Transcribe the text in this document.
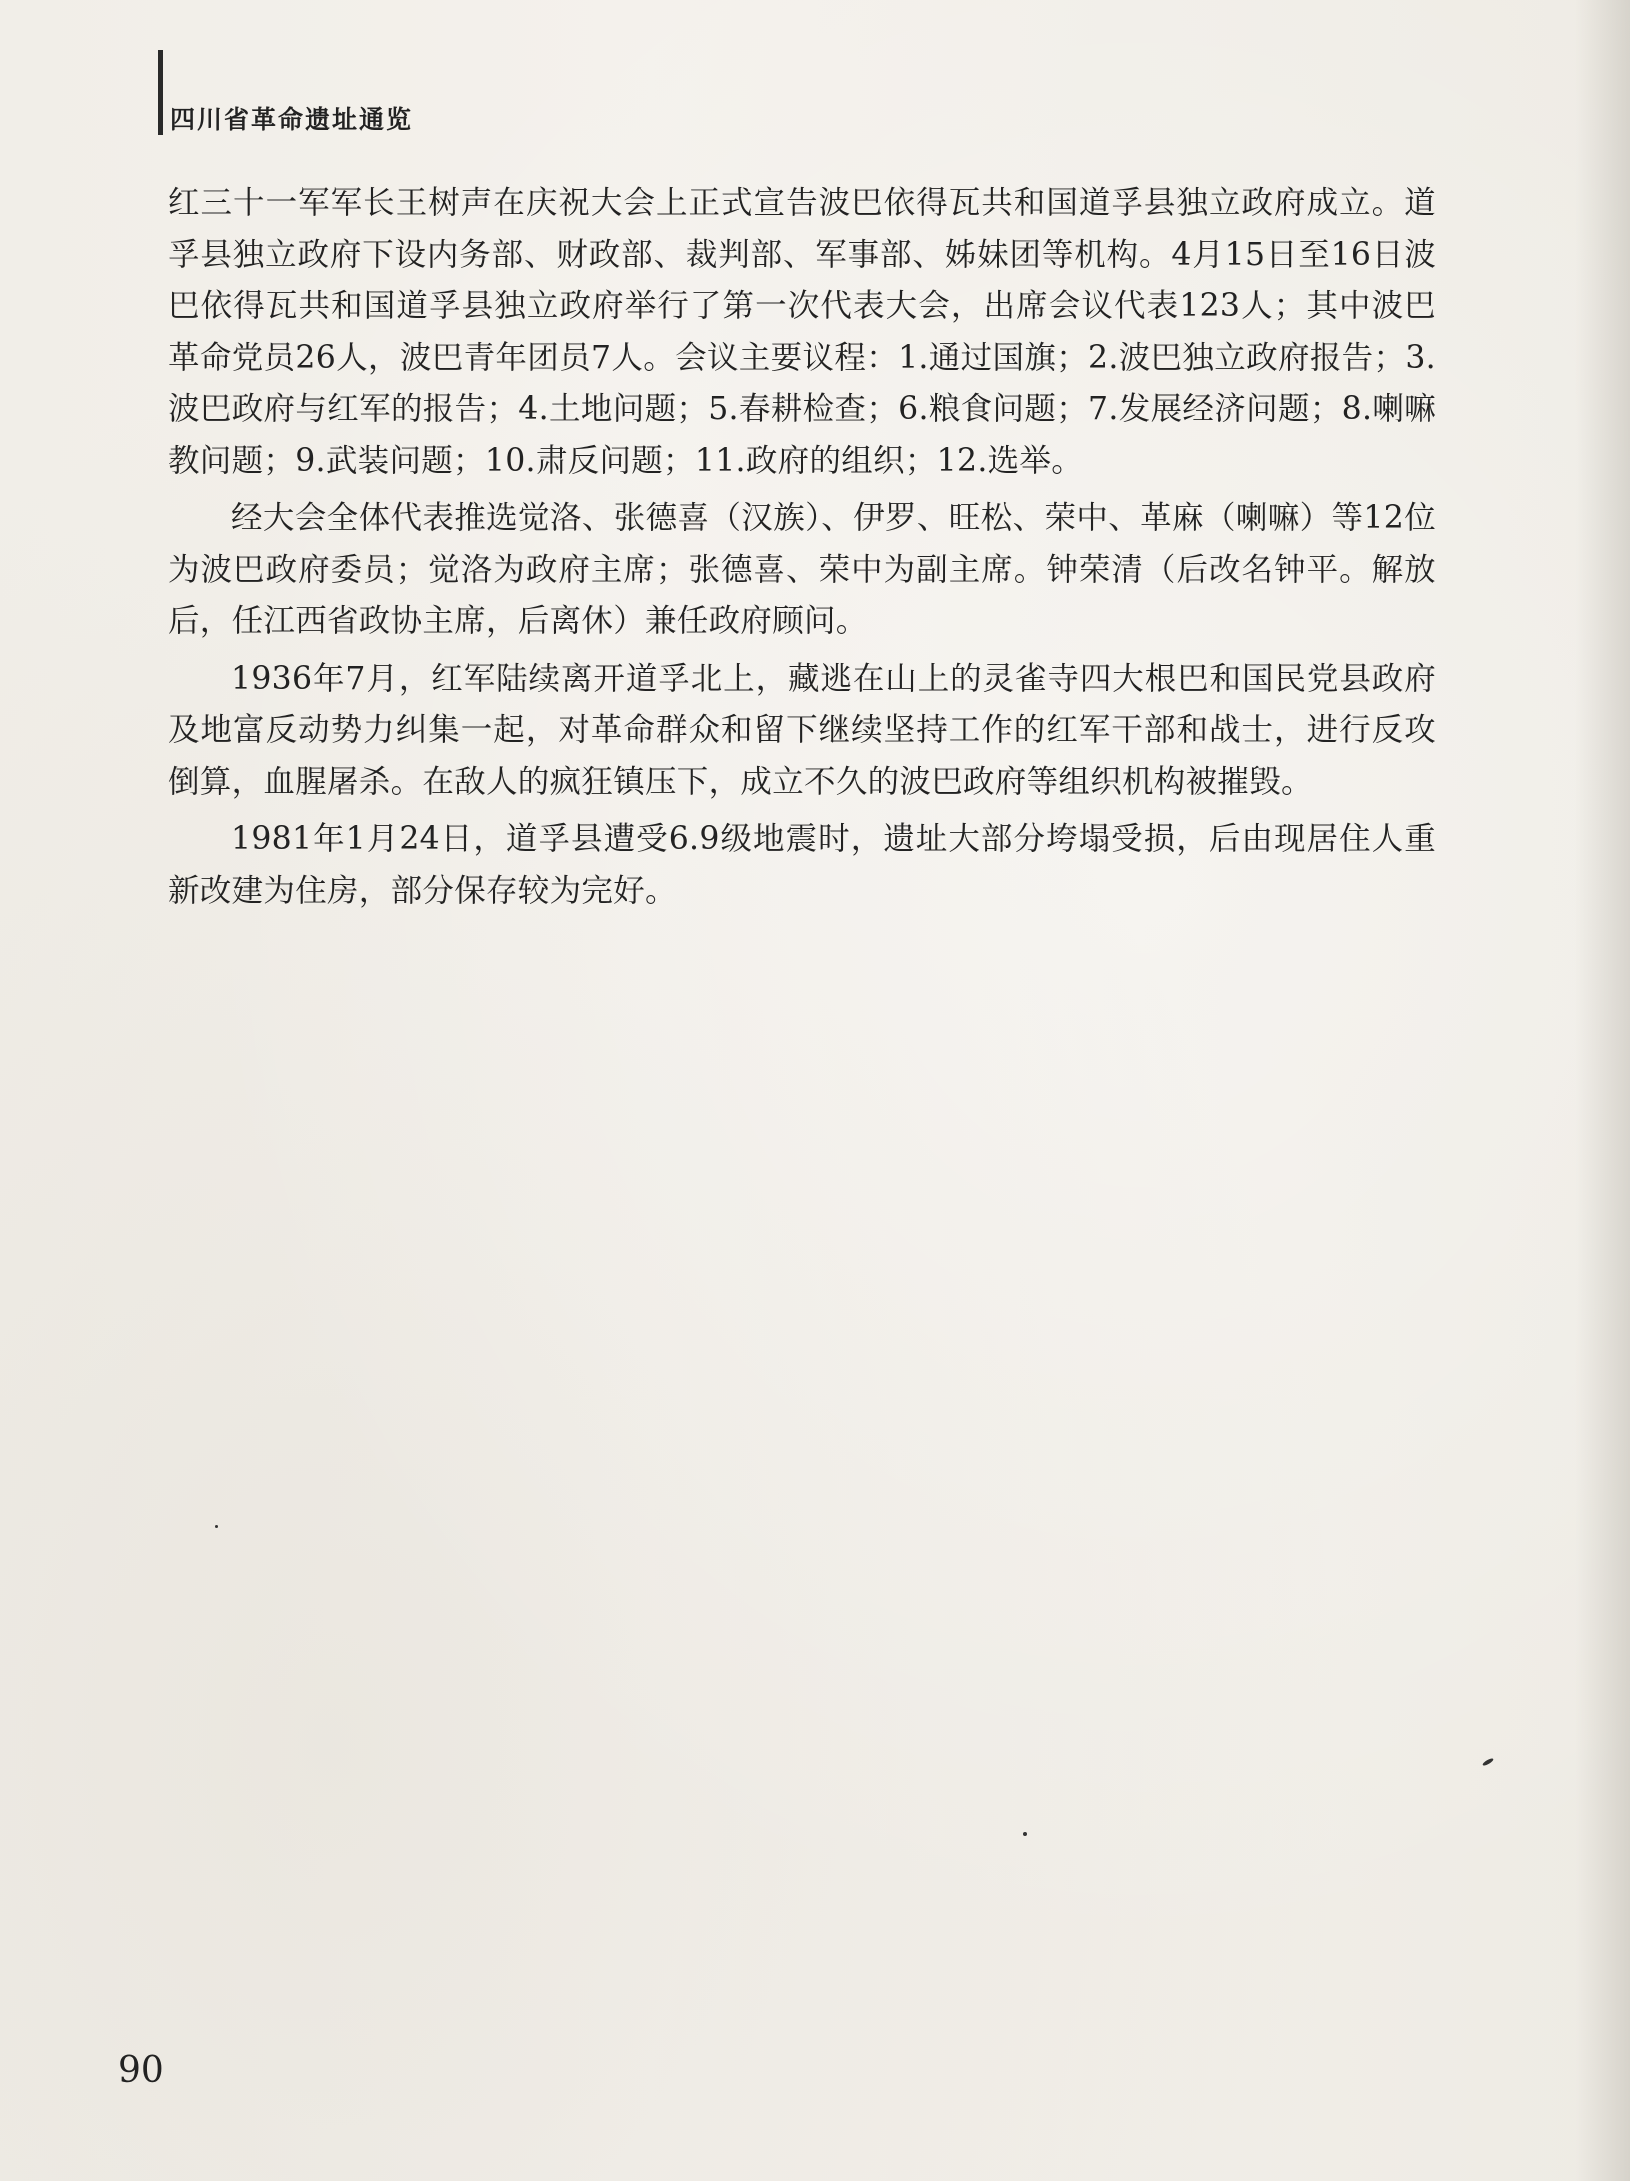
四川省革命遗址通览

红三十一军军长王树声在庆祝大会上正式宣告波巴依得瓦共和国道孚县独立政府成立。道孚县独立政府下设内务部、财政部、裁判部、军事部、姊妹团等机构。4月15日至16日波巴依得瓦共和国道孚县独立政府举行了第一次代表大会，出席会议代表123人；其中波巴革命党员26人，波巴青年团员7人。会议主要议程：1.通过国旗；2.波巴独立政府报告；3.波巴政府与红军的报告；4.土地问题；5.春耕检查；6.粮食问题；7.发展经济问题；8.喇嘛教问题；9.武装问题；10.肃反问题；11.政府的组织；12.选举。

经大会全体代表推选觉洛、张德喜（汉族）、伊罗、旺松、荣中、革麻（喇嘛）等12位为波巴政府委员；觉洛为政府主席；张德喜、荣中为副主席。钟荣清（后改名钟平。解放后，任江西省政协主席，后离休）兼任政府顾问。

1936年7月，红军陆续离开道孚北上，藏逃在山上的灵雀寺四大根巴和国民党县政府及地富反动势力纠集一起，对革命群众和留下继续坚持工作的红军干部和战士，进行反攻倒算，血腥屠杀。在敌人的疯狂镇压下，成立不久的波巴政府等组织机构被摧毁。

1981年1月24日，道孚县遭受6.9级地震时，遗址大部分垮塌受损，后由现居住人重新改建为住房，部分保存较为完好。

90
